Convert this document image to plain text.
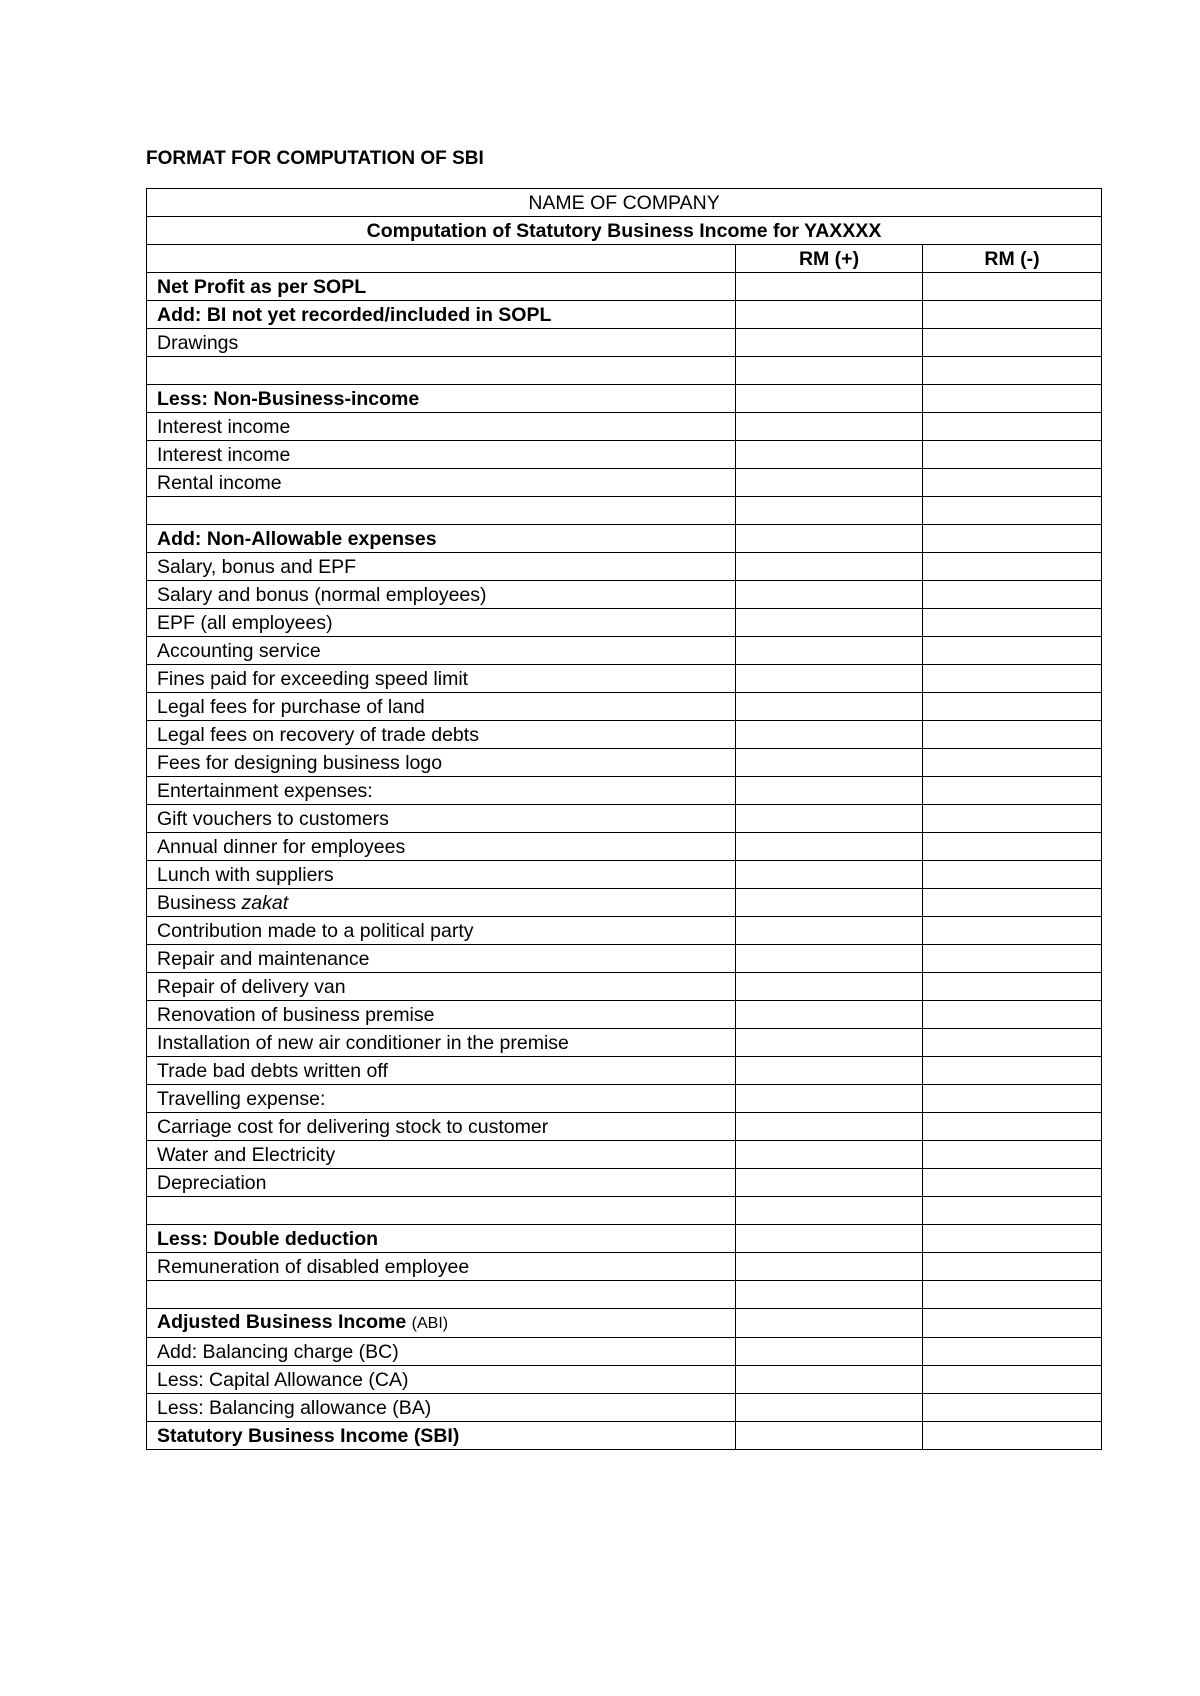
FORMAT FOR COMPUTATION OF SBI
NAME OF COMPANY		
Computation of Statutory Business Income for YAXXXX		
	RM (+)	RM (-)
Net Profit as per SOPL		
Add: BI not yet recorded/included in SOPL		
Drawings		

Less: Non-Business-income		
Interest income		
Interest income		
Rental income		

Add: Non-Allowable expenses		
Salary, bonus and EPF		
Salary and bonus (normal employees)		
EPF (all employees)		
Accounting service		
Fines paid for exceeding speed limit		
Legal fees for purchase of land		
Legal fees on recovery of trade debts		
Fees for designing business logo		
Entertainment expenses:		
Gift vouchers to customers		
Annual dinner for employees		
Lunch with suppliers		
Business zakat		
Contribution made to a political party		
Repair and maintenance		
Repair of delivery van		
Renovation of business premise		
Installation of new air conditioner in the premise		
Trade bad debts written off		
Travelling expense:		
Carriage cost for delivering stock to customer		
Water and Electricity		
Depreciation		

Less: Double deduction		
Remuneration of disabled employee		

Adjusted Business Income (ABI)		
Add: Balancing charge (BC)		
Less: Capital Allowance (CA)		
Less: Balancing allowance (BA)		
Statutory Business Income (SBI)		
